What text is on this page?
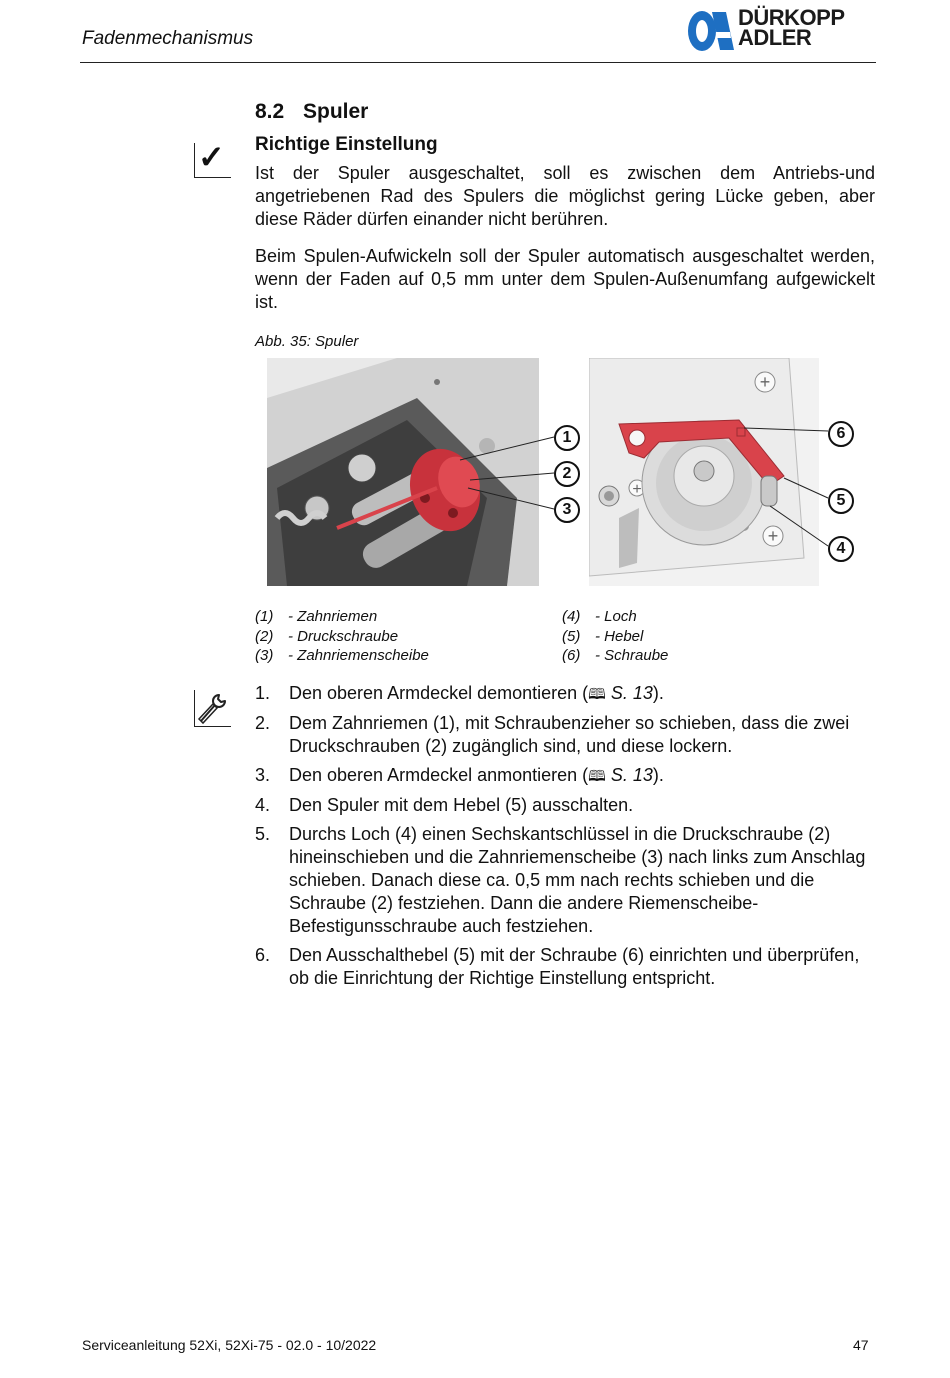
Fadenmechanismus
DÜRKOPP
ADLER
8.2 Spuler
✓ Richtige Einstellung
Ist der Spuler ausgeschaltet, soll es zwischen dem Antriebs-und angetriebenen Rad des Spulers die möglichst gering Lücke geben, aber diese Räder dürfen einander nicht berühren.
Beim Spulen-Aufwickeln soll der Spuler automatisch ausgeschaltet werden, wenn der Faden auf 0,5 mm unter dem Spulen-Außenumfang aufgewickelt ist.
Abb. 35: Spuler
1
2
3
+
+
+
6
5
4
(1) - Zahnriemen
(2) - Druckschraube
(3) - Zahnriemenscheibe
(4) - Loch
(5) - Hebel
(6) - Schraube
1. Den oberen Armdeckel demontieren (🕮 S. 13).
2. Dem Zahnriemen (1), mit Schraubenzieher so schieben, dass die zwei Druckschrauben (2) zugänglich sind, und diese lockern.
3. Den oberen Armdeckel anmontieren (🕮 S. 13).
4. Den Spuler mit dem Hebel (5) ausschalten.
5. Durchs Loch (4) einen Sechskantschlüssel in die Druckschraube (2) hineinschieben und die Zahnriemenscheibe (3) nach links zum Anschlag schieben. Danach diese ca. 0,5 mm nach rechts schieben und die Schraube (2) festziehen. Dann die andere Riemenscheibe-Befestigunsschraube auch festziehen.
6. Den Ausschalthebel (5) mit der Schraube (6) einrichten und überprüfen, ob die Einrichtung der Richtige Einstellung entspricht.
Serviceanleitung 52Xi, 52Xi-75 - 02.0 - 10/2022	47
